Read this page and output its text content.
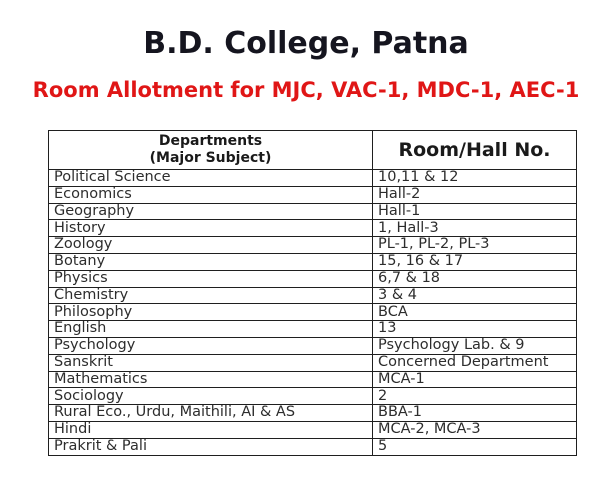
B.D. College, Patna
Room Allotment for MJC, VAC-1, MDC-1, AEC-1
Departments
(Major Subject)	Room/Hall No.
Political Science	10,11 & 12
Economics	Hall-2
Geography	Hall-1
History	1, Hall-3
Zoology	PL-1, PL-2, PL-3
Botany	15, 16 & 17
Physics	6,7 & 18
Chemistry	3 & 4
Philosophy	BCA
English	13
Psychology	Psychology Lab. & 9
Sanskrit	Concerned Department
Mathematics	MCA-1
Sociology	2
Rural Eco., Urdu, Maithili, AI & AS	BBA-1
Hindi	MCA-2, MCA-3
Prakrit & Pali	5
